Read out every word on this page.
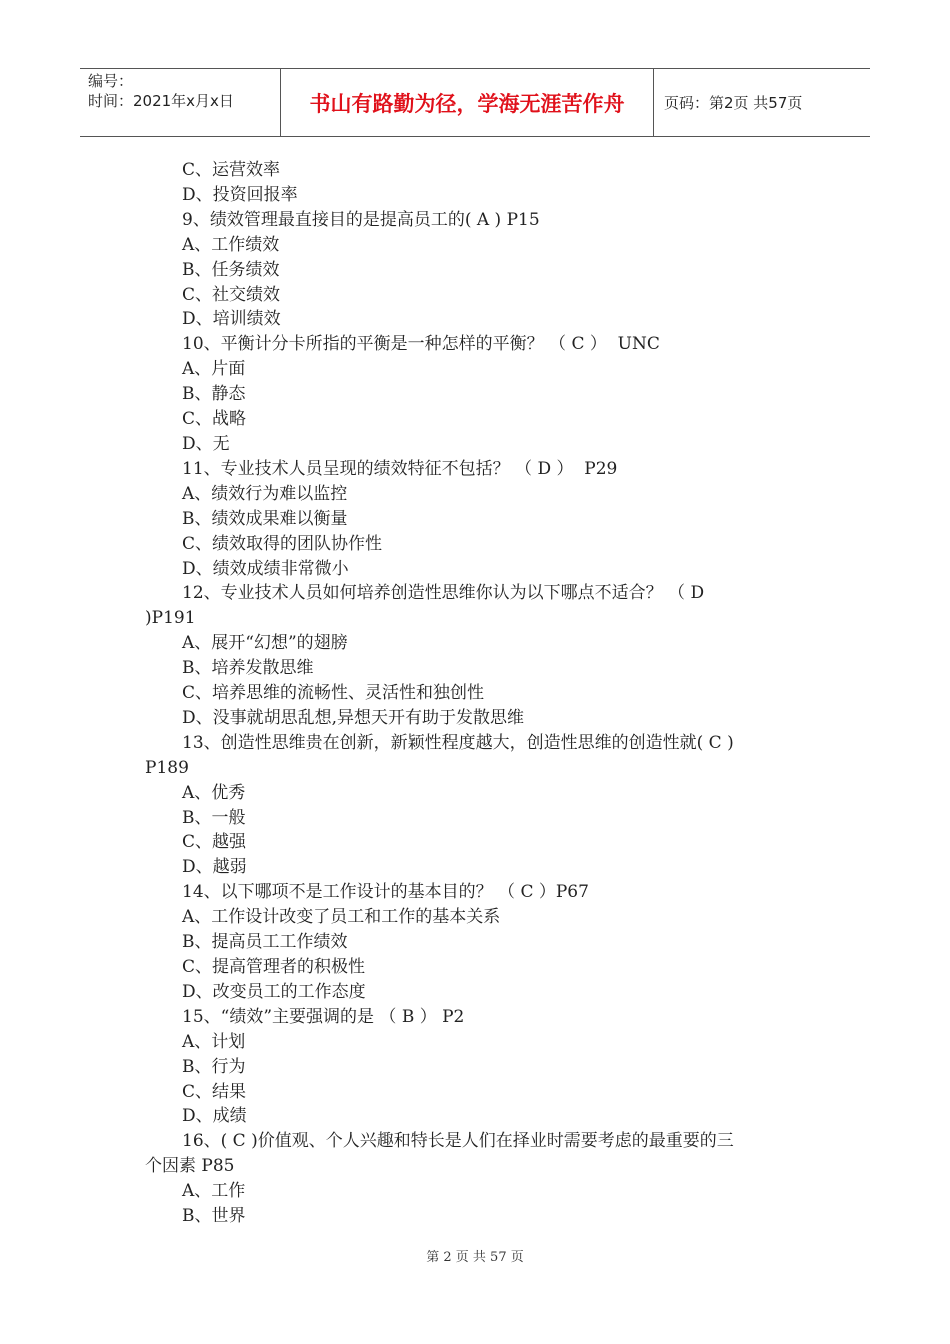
编号：
时间：2021年x月x日	书山有路勤为径，学海无涯苦作舟	页码：第2页 共57页
C、运营效率
D、投资回报率
9、绩效管理最直接目的是提高员工的( A ) P15
A、工作绩效
B、任务绩效
C、社交绩效
D、培训绩效
10、平衡计分卡所指的平衡是一种怎样的平衡？ （ C ）  UNC
A、片面
B、静态
C、战略
D、无
11、专业技术人员呈现的绩效特征不包括？ （ D ）  P29
A、绩效行为难以监控
B、绩效成果难以衡量
C、绩效取得的团队协作性
D、绩效成绩非常微小
12、专业技术人员如何培养创造性思维你认为以下哪点不适合？ （ D
)P191
A、展开“幻想”的翅膀
B、培养发散思维
C、培养思维的流畅性、灵活性和独创性
D、没事就胡思乱想,异想天开有助于发散思维
13、创造性思维贵在创新，新颖性程度越大，创造性思维的创造性就( C )
P189
A、优秀
B、一般
C、越强
D、越弱
14、以下哪项不是工作设计的基本目的？ （ C ）P67
A、工作设计改变了员工和工作的基本关系
B、提高员工工作绩效
C、提高管理者的积极性
D、改变员工的工作态度
15、“绩效”主要强调的是 （ B ） P2
A、计划
B、行为
C、结果
D、成绩
16、( C )价值观、个人兴趣和特长是人们在择业时需要考虑的最重要的三
个因素 P85
A、工作
B、世界
第 2 页 共 57 页
